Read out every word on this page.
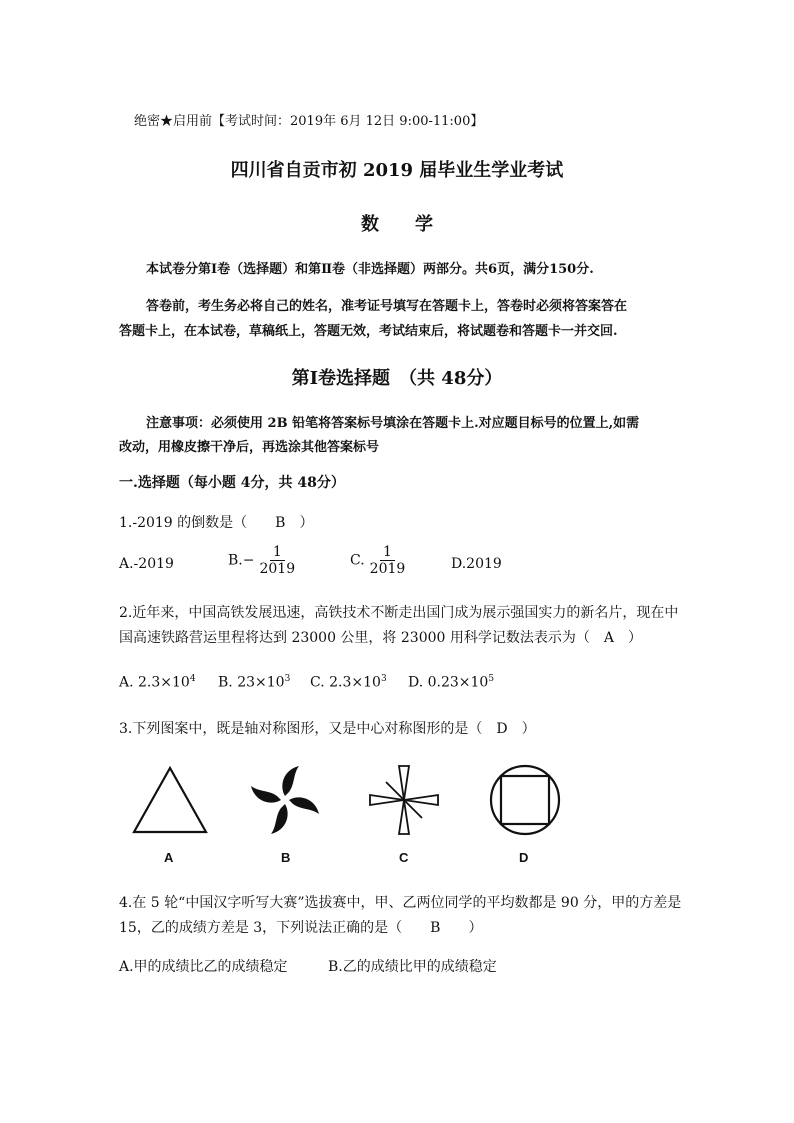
绝密★启用前【考试时间：2019年 6月 12日 9:00-11:00】
四川省自贡市初 2019 届毕业生学业考试
数　　学
本试卷分第Ⅰ卷（选择题）和第Ⅱ卷（非选择题）两部分。共6页，满分150分.
答卷前，考生务必将自己的姓名，准考证号填写在答题卡上，答卷时必须将答案答在
答题卡上，在本试卷，草稿纸上，答题无效，考试结束后，将试题卷和答题卡一并交回.
第Ⅰ卷选择题　（共 48分）
注意事项：必须使用 2B 铅笔将答案标号填涂在答题卡上.对应题目标号的位置上,如需
改动，用橡皮擦干净后，再选涂其他答案标号
一.选择题（每小题 4分，共 48分）
1.-2019 的倒数是（　　B　）
A.-2019	$B.- \frac{1}{2019}$	C. $\frac{1}{2019}$	D.2019
2.近年来，中国高铁发展迅速，高铁技术不断走出国门成为展示强国实力的新名片，现在中
国高速铁路营运里程将达到 23000 公里，将 23000 用科学记数法表示为（　A　）
A. $2.3\times 10^4$ B. $23\times 10^3$ C. $2.3\times 10^3$ D. $0.23\times 10^5$
3.下列图案中，既是轴对称图形，又是中心对称图形的是（　D　）
A	B	C	D
4.在 5 轮“中国汉字听写大赛”选拔赛中，甲、乙两位同学的平均数都是 90 分，甲的方差是
15，乙的成绩方差是 3，下列说法正确的是（　　B　　）
A.甲的成绩比乙的成绩稳定	B.乙的成绩比甲的成绩稳定
